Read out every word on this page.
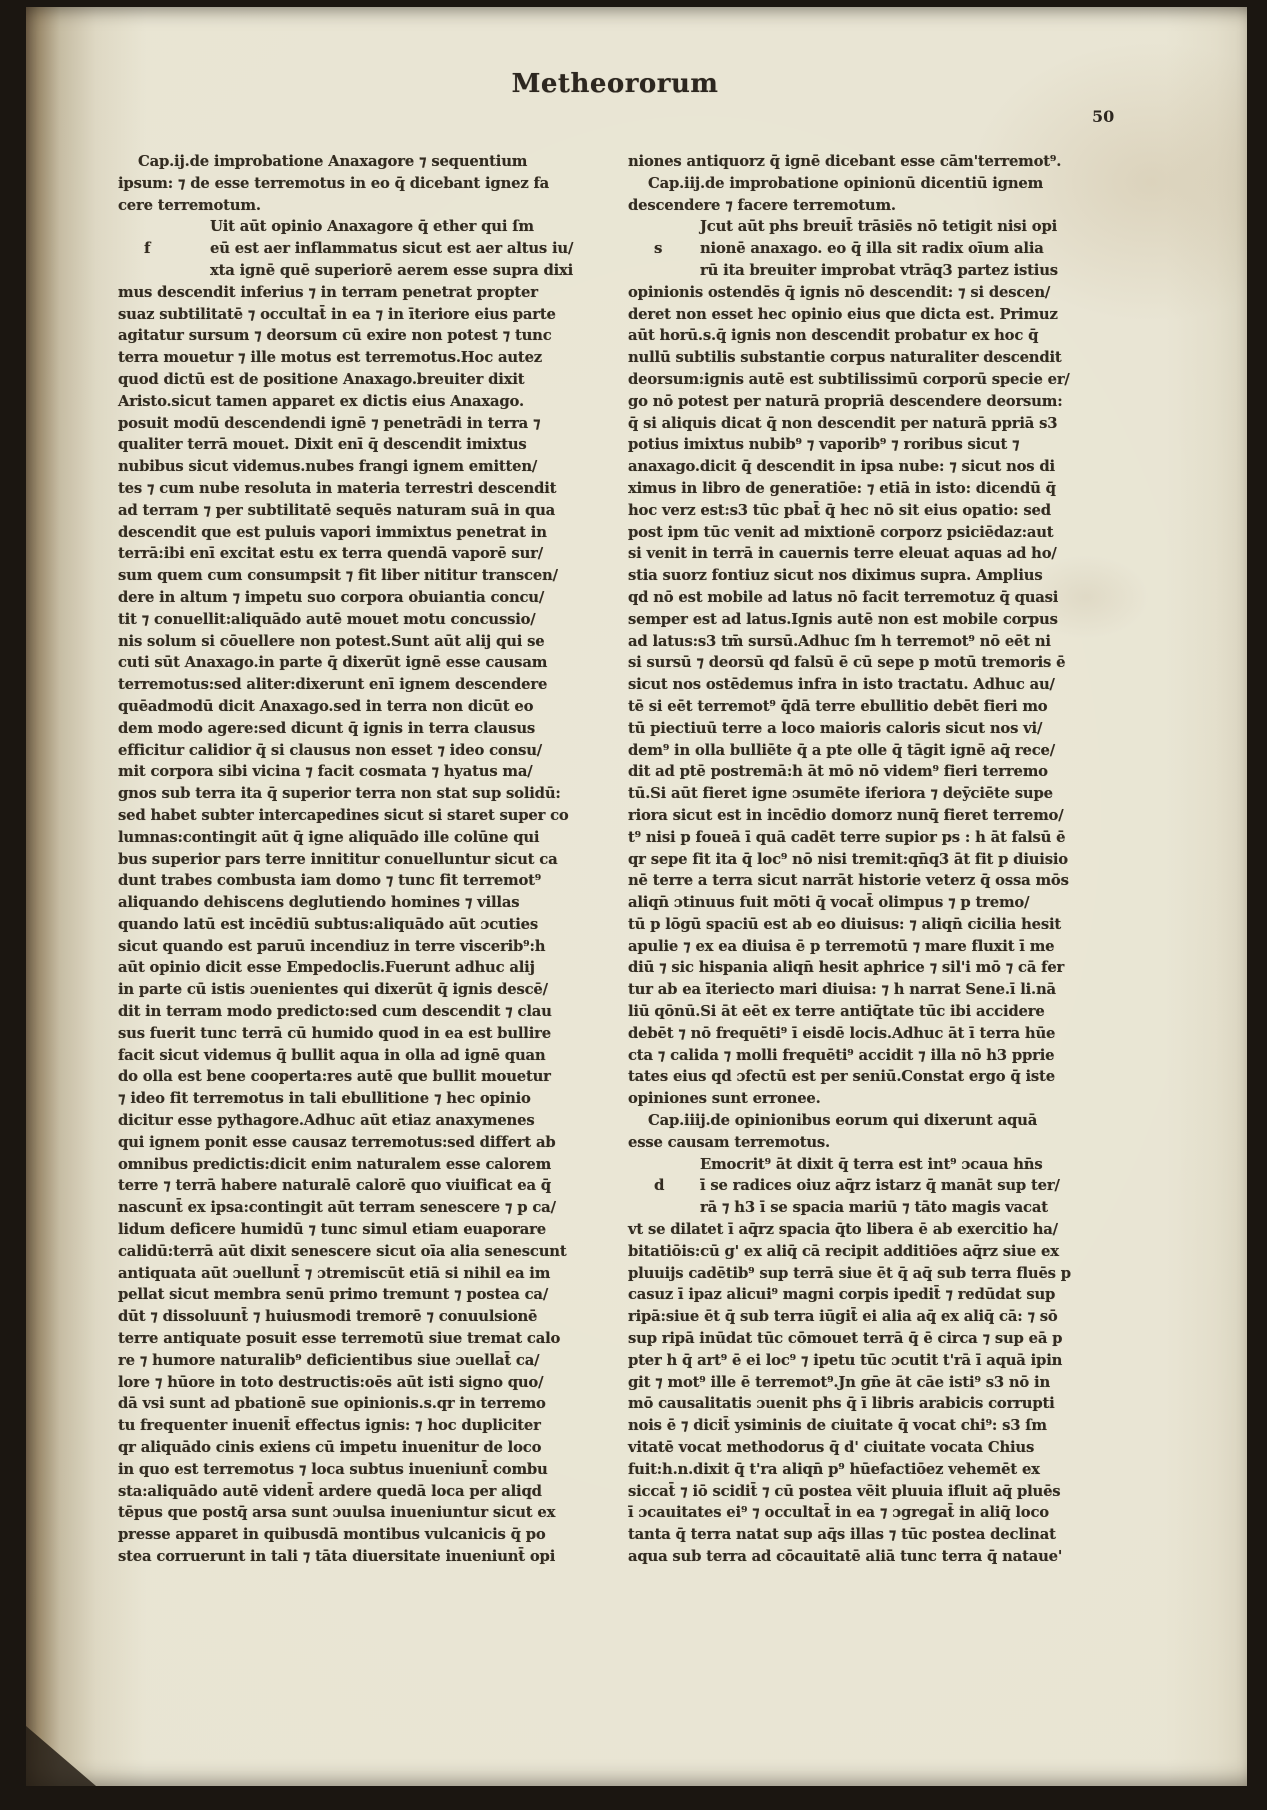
Metheororum
50
Cap.ij.de improbatione Anaxagore ⁊ sequentium
ipsum: ⁊ de esse terremotus in eo q̄ dicebant ignez fa
cere terremotum.
Uit aūt opinio Anaxagore q̄ ether qui ſm
f	eū est aer inflammatus sicut est aer altus iu/
xta ignē quē superiorē aerem esse supra dixi
mus descendit inferius ⁊ in terram penetrat propter
suaz subtilitatē ⁊ occultat̄ in ea ⁊ in īteriore eius parte
agitatur sursum ⁊ deorsum cū exire non potest ⁊ tunc
terra mouetur ⁊ ille motus est terremotus.Hoc autez
quod dictū est de positione Anaxago.breuiter dixit
Aristo.sicut tamen apparet ex dictis eius Anaxago.
posuit modū descendendi ignē ⁊ penetrādi in terra ⁊
qualiter terrā mouet. Dixit enī q̄ descendit imixtus
nubibus sicut videmus.nubes frangi ignem emitten/
tes ⁊ cum nube resoluta in materia terrestri descendit
ad terram ⁊ per subtilitatē sequēs naturam suā in qua
descendit que est puluis vapori immixtus penetrat in
terrā:ibi enī excitat estu ex terra quendā vaporē sur/
sum quem cum consumpsit ⁊ fit liber nititur transcen/
dere in altum ⁊ impetu suo corpora obuiantia concu/
tit ⁊ conuellit:aliquādo autē mouet motu concussio/
nis solum si cōuellere non potest.Sunt aūt alij qui se
cuti sūt Anaxago.in parte q̄ dixerūt ignē esse causam
terremotus:sed aliter:dixerunt enī ignem descendere
quēadmodū dicit Anaxago.sed in terra non dicūt eo
dem modo agere:sed dicunt q̄ ignis in terra clausus
efficitur calidior q̄ si clausus non esset ⁊ ideo consu/
mit corpora sibi vicina ⁊ facit cosmata ⁊ hyatus ma/
gnos sub terra ita q̄ superior terra non stat sup solidū:
sed habet subter intercapedines sicut si staret super co
lumnas:contingit aūt q̄ igne aliquādo ille colūne qui
bus superior pars terre innititur conuelluntur sicut ca
dunt trabes combusta iam domo ⁊ tunc fit terremot⁹
aliquando dehiscens deglutiendo homines ⁊ villas
quando latū est incēdiū subtus:aliquādo aūt ɔcuties
sicut quando est paruū incendiuz in terre viscerib⁹:h
aūt opinio dicit esse Empedoclis.Fuerunt adhuc alij
in parte cū istis ɔuenientes qui dixerūt q̄ ignis descē/
dit in terram modo predicto:sed cum descendit ⁊ clau
sus fuerit tunc terrā cū humido quod in ea est bullire
facit sicut videmus q̄ bullit aqua in olla ad ignē quan
do olla est bene cooperta:res autē que bullit mouetur
⁊ ideo fit terremotus in tali ebullitione ⁊ hec opinio
dicitur esse pythagore.Adhuc aūt etiaz anaxymenes
qui ignem ponit esse causaz terremotus:sed differt ab
omnibus predictis:dicit enim naturalem esse calorem
terre ⁊ terrā habere naturalē calorē quo viuificat ea q̄
nascunt̄ ex ipsa:contingit aūt terram senescere ⁊ p ca/
lidum deficere humidū ⁊ tunc simul etiam euaporare
calidū:terrā aūt dixit senescere sicut oīa alia senescunt
antiquata aūt ɔuellunt̄ ⁊ ɔtremiscūt etiā si nihil ea im
pellat sicut membra senū primo tremunt ⁊ postea ca/
dūt ⁊ dissoluunt̄ ⁊ huiusmodi tremorē ⁊ conuulsionē
terre antiquate posuit esse terremotū siue tremat calo
re ⁊ humore naturalib⁹ deficientibus siue ɔuellat̄ ca/
lore ⁊ hūore in toto destructis:oēs aūt isti signo quo/
dā vsi sunt ad pbationē sue opinionis.s.qr in terremo
tu frequenter inuenit̄ effectus ignis: ⁊ hoc dupliciter
qr aliquādo cinis exiens cū impetu inuenitur de loco
in quo est terremotus ⁊ loca subtus inueniunt̄ combu
sta:aliquādo autē vident̄ ardere quedā loca per aliqd
tēpus que postq̄ arsa sunt ɔuulsa inueniuntur sicut ex
presse apparet in quibusdā montibus vulcanicis q̄ po
stea corruerunt in tali ⁊ tāta diuersitate inueniunt̄ opi
niones antiquorz q̄ ignē dicebant esse cām'terremot⁹.
Cap.iij.de improbatione opinionū dicentiū ignem
descendere ⁊ facere terremotum.
Jcut aūt phs breuit̄ trāsiēs nō tetigit nisi opi
s	nionē anaxago. eo q̄ illa sit radix oīum alia
rū ita breuiter improbat vtrāq3 partez istius
opinionis ostendēs q̄ ignis nō descendit: ⁊ si descen/
deret non esset hec opinio eius que dicta est. Primuz
aūt horū.s.q̄ ignis non descendit probatur ex hoc q̄
nullū subtilis substantie corpus naturaliter descendit
deorsum:ignis autē est subtilissimū corporū specie er/
go nō potest per naturā propriā descendere deorsum:
q̄ si aliquis dicat q̄ non descendit per naturā ppriā s3
potius imixtus nubib⁹ ⁊ vaporib⁹ ⁊ roribus sicut ⁊
anaxago.dicit q̄ descendit in ipsa nube: ⁊ sicut nos di
ximus in libro de generatiōe: ⁊ etiā in isto: dicendū q̄
hoc verz est:s3 tūc pbat̄ q̄ hec nō sit eius opatio: sed
post ipm tūc venit ad mixtionē corporz psiciēdaz:aut
si venit in terrā in cauernis terre eleuat aquas ad ho/
stia suorz fontiuz sicut nos diximus supra. Amplius
qd nō est mobile ad latus nō facit terremotuz q̄ quasi
semper est ad latus.Ignis autē non est mobile corpus
ad latus:s3 tm̄ sursū.Adhuc ſm h terremot⁹ nō eēt ni
si sursū ⁊ deorsū qd falsū ē cū sepe p motū tremoris ē
sicut nos ostēdemus infra in isto tractatu. Adhuc au/
tē si eēt terremot⁹ q̄dā terre ebullitio debēt fieri mo
tū piectiuū terre a loco maioris caloris sicut nos vi/
dem⁹ in olla bulliēte q̄ a pte olle q̄ tāgit ignē aq̄ rece/
dit ad ptē postremā:h āt mō nō videm⁹ fieri terremo
tū.Si aūt fieret igne ɔsumēte iferiora ⁊ deȳciēte supe
riora sicut est in incēdio domorz nunq̄ fieret terremo/
t⁹ nisi p foueā ī quā cadēt terre supior ps : h āt falsū ē
qr sepe fit ita q̄ loc⁹ nō nisi tremit:qn̄q3 āt fit p diuisio
nē terre a terra sicut narrāt historie veterz q̄ ossa mōs
aliqn̄ ɔtinuus fuit mōti q̄ vocat̄ olimpus ⁊ p tremo/
tū p lōgū spaciū est ab eo diuisus: ⁊ aliqn̄ cicilia hesit
apulie ⁊ ex ea diuisa ē p terremotū ⁊ mare fluxit ī me
diū ⁊ sic hispania aliqn̄ hesit aphrice ⁊ sil'i mō ⁊ cā fer
tur ab ea īteriecto mari diuisa: ⁊ h narrat Sene.ī li.nā
liū qōnū.Si āt eēt ex terre antiq̄tate tūc ibi accidere
debēt ⁊ nō frequēti⁹ ī eisdē locis.Adhuc āt ī terra hūe
cta ⁊ calida ⁊ molli frequēti⁹ accidit ⁊ illa nō h3 pprie
tates eius qd ɔfectū est per seniū.Constat ergo q̄ iste
opiniones sunt erronee.
Cap.iiij.de opinionibus eorum qui dixerunt aquā
esse causam terremotus.
Emocrit⁹ āt dixit q̄ terra est int⁹ ɔcaua hn̄s
d ī se radices oiuz aq̄rz istarz q̄ manāt sup ter/
rā ⁊ h3 ī se spacia mariū ⁊ tāto magis vacat
vt se dilatet ī aq̄rz spacia q̄to libera ē ab exercitio ha/
bitatiōis:cū g' ex aliq̄ cā recipit additiōes aq̄rz siue ex
pluuijs cadētib⁹ sup terrā siue ēt q̄ aq̄ sub terra fluēs p
casuz ī ipaz alicui⁹ magni corpis ipedit̄ ⁊ redūdat sup
ripā:siue ēt q̄ sub terra iūgit̄ ei alia aq̄ ex aliq̄ cā: ⁊ sō
sup ripā inūdat tūc cōmouet terrā q̄ ē circa ⁊ sup eā p
pter h q̄ art⁹ ē ei loc⁹ ⁊ ipetu tūc ɔcutit t'rā ī aquā ipin
git ⁊ mot⁹ ille ē terremot⁹.Jn gn̄e āt cāe isti⁹ s3 nō in
mō causalitatis ɔuenit phs q̄ ī libris arabicis corrupti
nois ē ⁊ dicit̄ ysiminis de ciuitate q̄ vocat chi⁹: s3 ſm
vitatē vocat methodorus q̄ d' ciuitate vocata Chius
fuit:h.n.dixit q̄ t'ra aliqn̄ p⁹ hūefactiōez vehemēt ex
siccat̄ ⁊ iō scidit̄ ⁊ cū postea vēit pluuia ifluit aq̄ pluēs
ī ɔcauitates ei⁹ ⁊ occultat̄ in ea ⁊ ɔgregat̄ in aliq̄ loco
tanta q̄ terra natat sup aq̄s illas ⁊ tūc postea declinat
aqua sub terra ad cōcauitatē aliā tunc terra q̄ nataue'
